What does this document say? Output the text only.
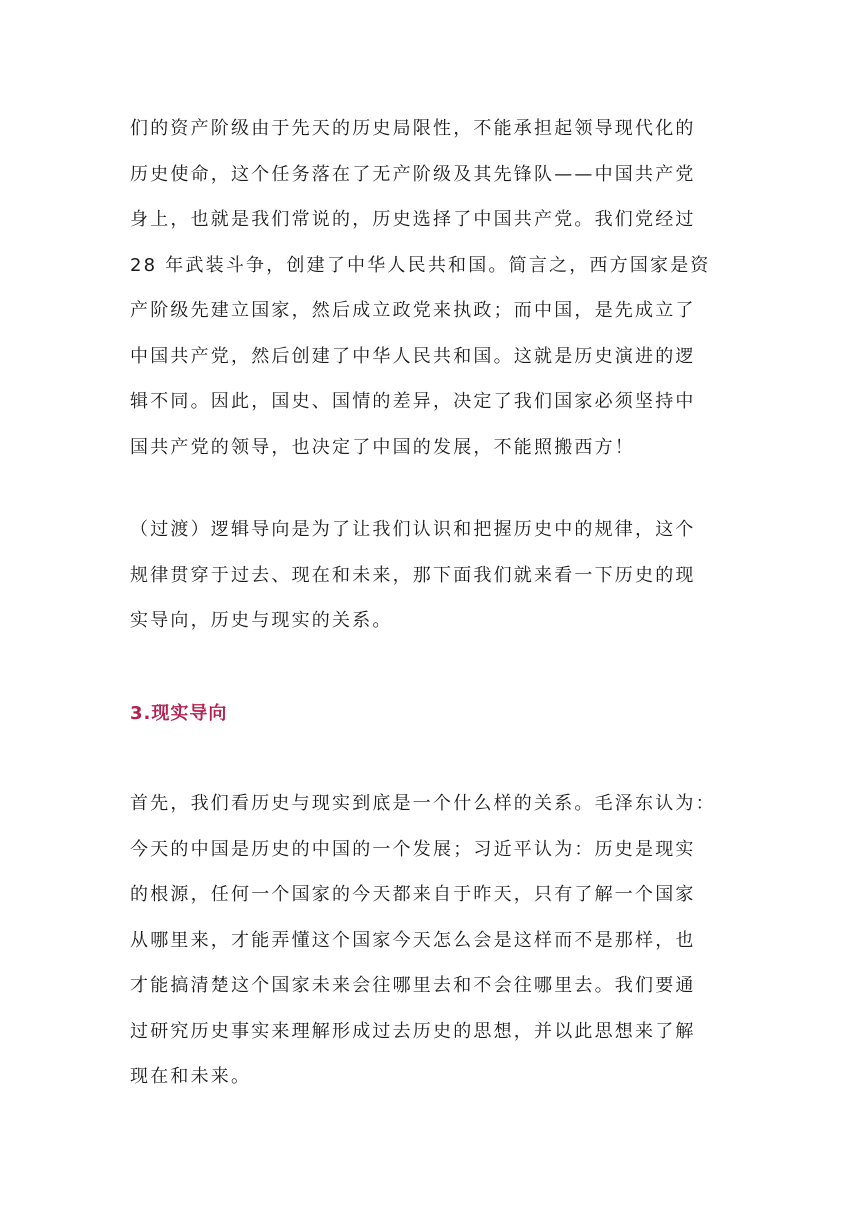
们的资产阶级由于先天的历史局限性，不能承担起领导现代化的
历史使命，这个任务落在了无产阶级及其先锋队——中国共产党
身上，也就是我们常说的，历史选择了中国共产党。我们党经过
28 年武装斗争，创建了中华人民共和国。简言之，西方国家是资
产阶级先建立国家，然后成立政党来执政；而中国，是先成立了
中国共产党，然后创建了中华人民共和国。这就是历史演进的逻
辑不同。因此，国史、国情的差异，决定了我们国家必须坚持中
国共产党的领导，也决定了中国的发展，不能照搬西方！
（过渡）逻辑导向是为了让我们认识和把握历史中的规律，这个
规律贯穿于过去、现在和未来，那下面我们就来看一下历史的现
实导向，历史与现实的关系。
3.现实导向
首先，我们看历史与现实到底是一个什么样的关系。毛泽东认为：
今天的中国是历史的中国的一个发展；习近平认为：历史是现实
的根源，任何一个国家的今天都来自于昨天，只有了解一个国家
从哪里来，才能弄懂这个国家今天怎么会是这样而不是那样，也
才能搞清楚这个国家未来会往哪里去和不会往哪里去。我们要通
过研究历史事实来理解形成过去历史的思想，并以此思想来了解
现在和未来。
